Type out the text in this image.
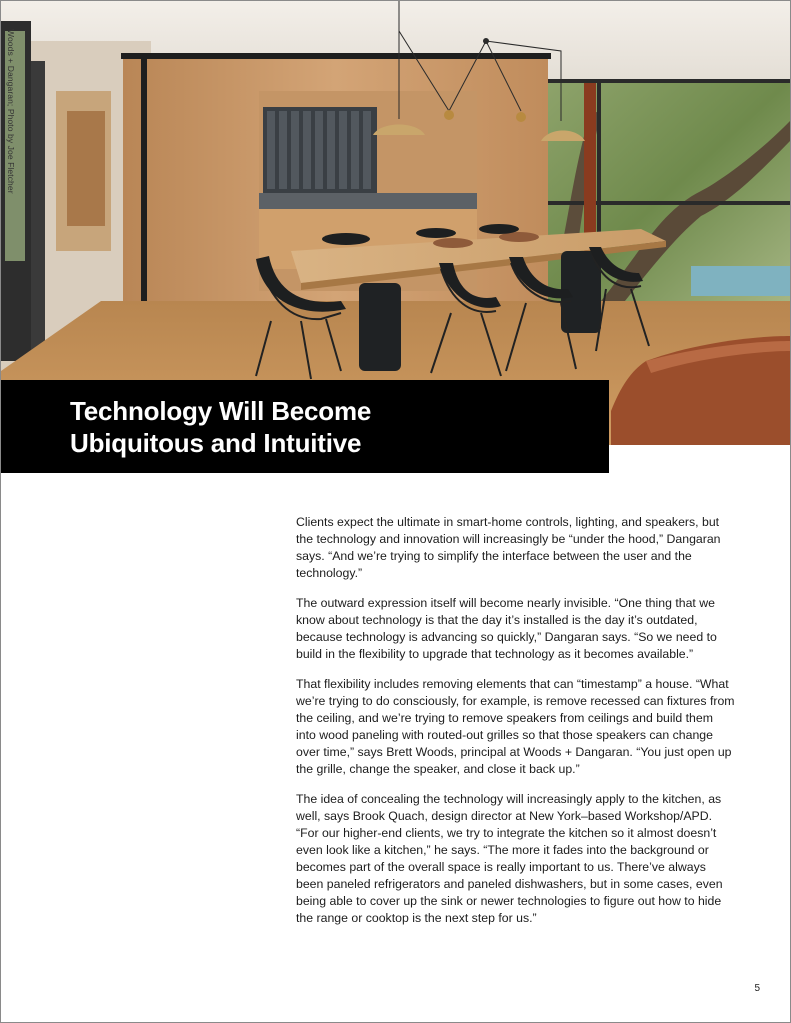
Woods + Dangaran; Photo by Joe Fletcher
Technology Will Become
Ubiquitous and Intuitive

Clients expect the ultimate in smart-home controls, lighting, and speakers, but the technology and innovation will increasingly be “under the hood,” Dangaran says. “And we’re trying to simplify the interface between the user and the technology.”

The outward expression itself will become nearly invisible. “One thing that we know about technology is that the day it’s installed is the day it’s outdated, because technology is advancing so quickly,” Dangaran says. “So we need to build in the flexibility to upgrade that technology as it becomes available.”

That flexibility includes removing elements that can “timestamp” a house. “What we’re trying to do consciously, for example, is remove recessed can fixtures from the ceiling, and we’re trying to remove speakers from ceilings and build them into wood paneling with routed-out grilles so that those speakers can change over time,” says Brett Woods, principal at Woods + Dangaran. “You just open up the grille, change the speaker, and close it back up.”

The idea of concealing the technology will increasingly apply to the kitchen, as well, says Brook Quach, design director at New York–based Workshop/APD. “For our higher-end clients, we try to integrate the kitchen so it almost doesn’t even look like a kitchen,” he says. “The more it fades into the background or becomes part of the overall space is really important to us. There’ve always been paneled refrigerators and paneled dishwashers, but in some cases, even being able to cover up the sink or newer technologies to figure out how to hide the range or cooktop is the next step for us.”

5
